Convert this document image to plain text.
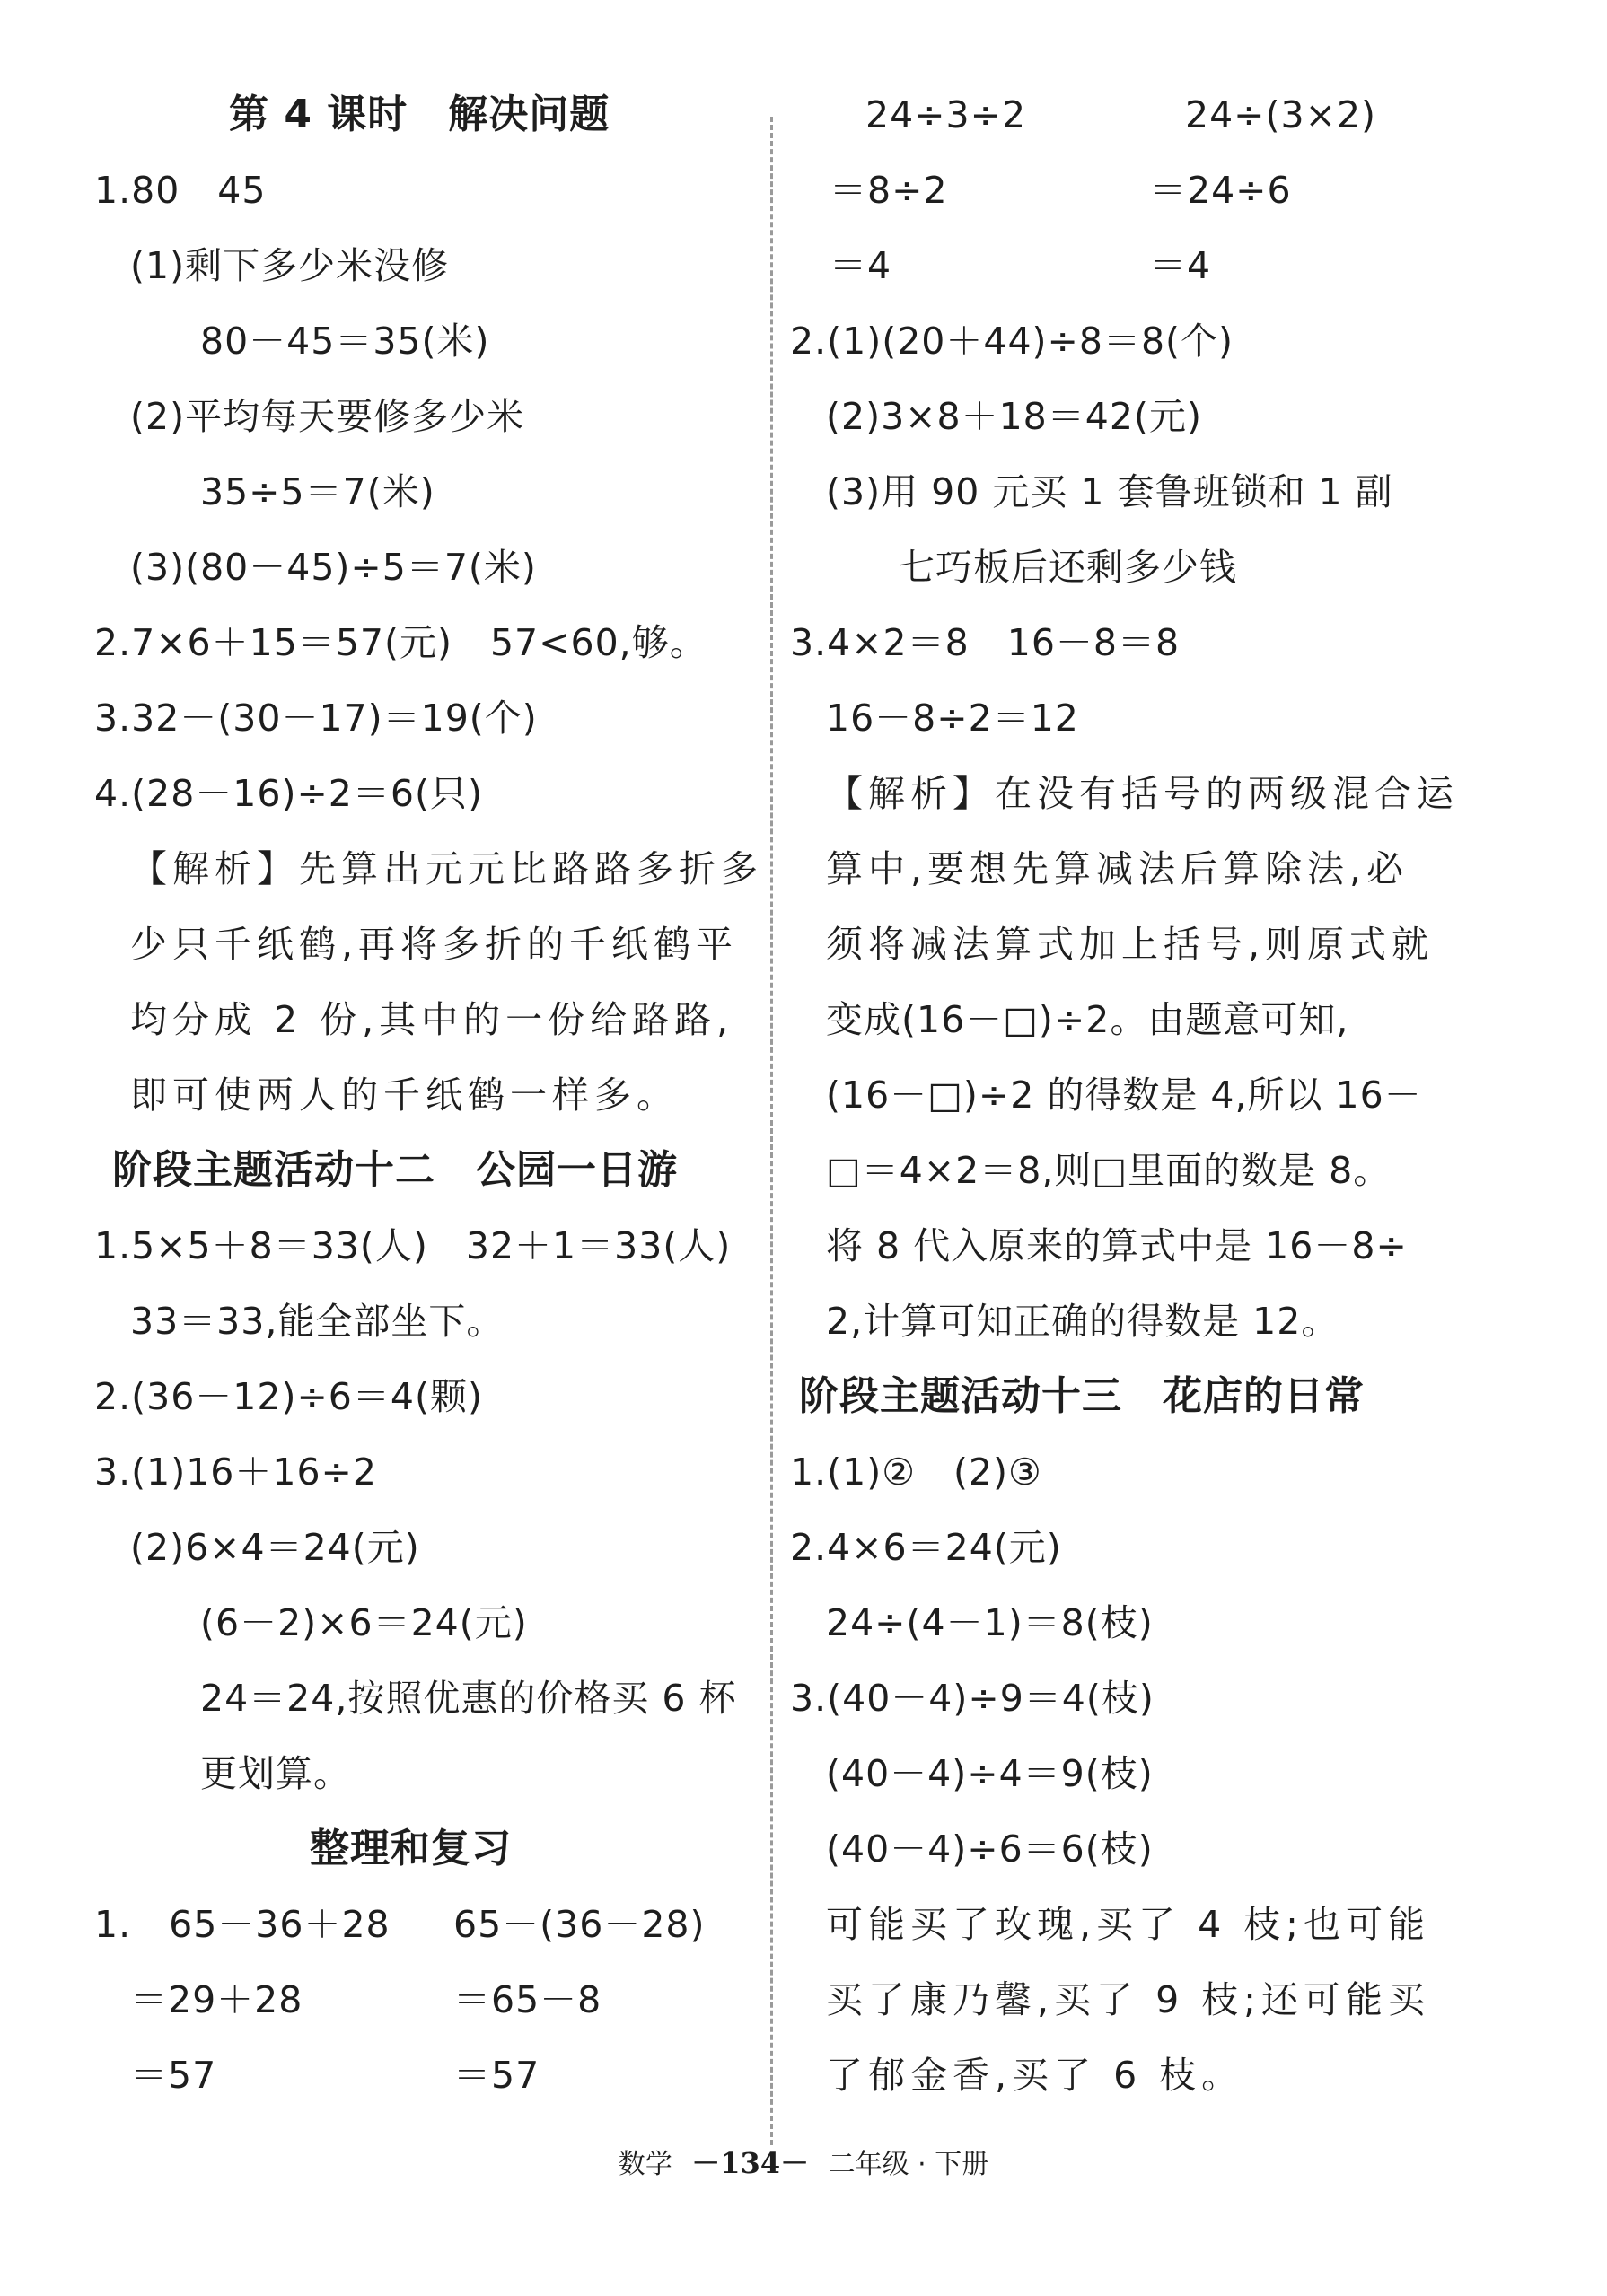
第 4 课时　解决问题
1.80　45
(1)剩下多少米没修
80－45＝35(米)
(2)平均每天要修多少米
35÷5＝7(米)
(3)(80－45)÷5＝7(米)
2.7×6＋15＝57(元)　57<60,够。
3.32－(30－17)＝19(个)
4.(28－16)÷2＝6(只)
【解析】先算出元元比路路多折多
少只千纸鹤,再将多折的千纸鹤平
均分成 2 份,其中的一份给路路,
即可使两人的千纸鹤一样多。
阶段主题活动十二　公园一日游
1.5×5＋8＝33(人)　32＋1＝33(人)
33＝33,能全部坐下。
2.(36－12)÷6＝4(颗)
3.(1)16＋16÷2
(2)6×4＝24(元)
(6－2)×6＝24(元)
24＝24,按照优惠的价格买 6 杯
更划算。
整理和复习
1.　65－36＋28 65－(36－28)
＝29＋28	＝65－8
＝57	＝57
24÷3÷2	24÷(3×2)
＝8÷2	＝24÷6
＝4	＝4
2.(1)(20＋44)÷8＝8(个)
(2)3×8＋18＝42(元)
(3)用 90 元买 1 套鲁班锁和 1 副
七巧板后还剩多少钱
3.4×2＝8　16－8＝8
16－8÷2＝12
【解析】在没有括号的两级混合运
算中,要想先算减法后算除法,必
须将减法算式加上括号,则原式就
变成(16－□)÷2。由题意可知,
(16－□)÷2 的得数是 4,所以 16－
□＝4×2＝8,则□里面的数是 8。
将 8 代入原来的算式中是 16－8÷
2,计算可知正确的得数是 12。
阶段主题活动十三　花店的日常
1.(1)②　(2)③
2.4×6＝24(元)
24÷(4－1)＝8(枝)
3.(40－4)÷9＝4(枝)
(40－4)÷4＝9(枝)
(40－4)÷6＝6(枝)
可能买了玫瑰,买了 4 枝;也可能
买了康乃馨,买了 9 枝;还可能买
了郁金香,买了 6 枝。
数学 －134－ 二年级 · 下册
